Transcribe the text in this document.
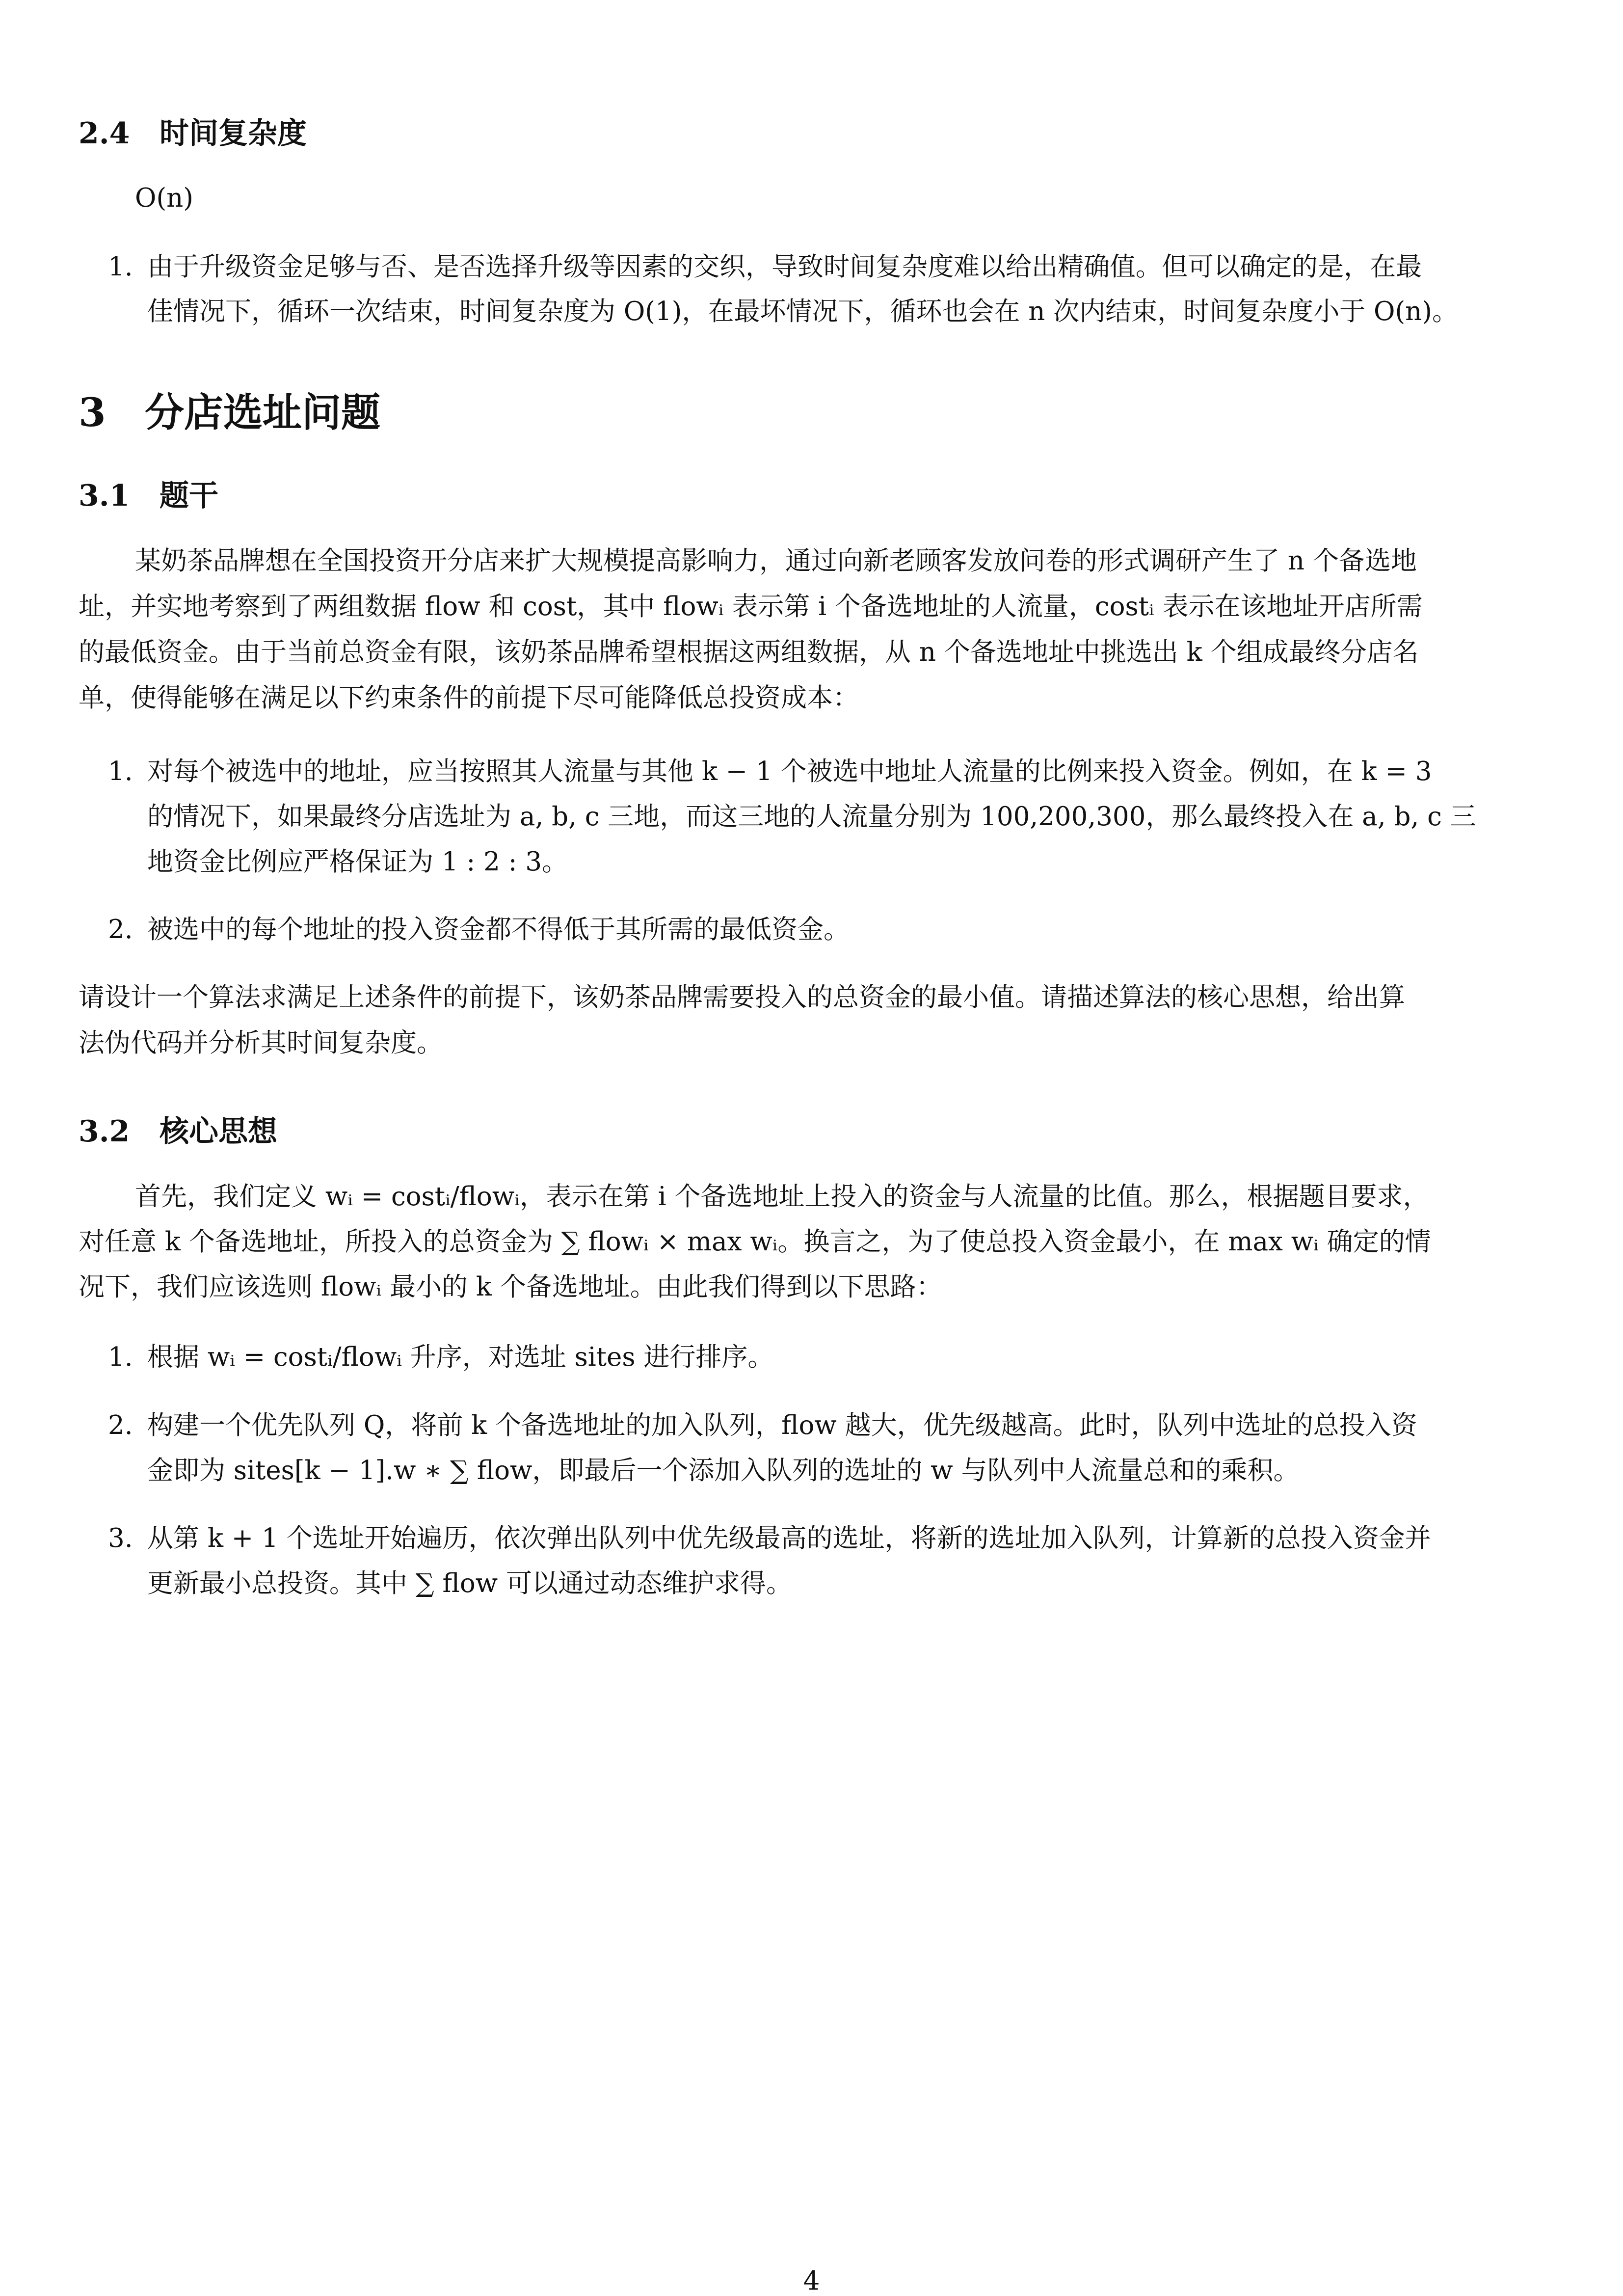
2.4 时间复杂度
O(n)
1. 由于升级资金足够与否、是否选择升级等因素的交织，导致时间复杂度难以给出精确值。但可以确定的是，在最
佳情况下，循环一次结束，时间复杂度为 O(1)，在最坏情况下，循环也会在 n 次内结束，时间复杂度小于 O(n)。
3 分店选址问题
3.1 题干
某奶茶品牌想在全国投资开分店来扩大规模提高影响力，通过向新老顾客发放问卷的形式调研产生了 n 个备选地
址，并实地考察到了两组数据 flow 和 cost，其中 flowᵢ 表示第 i 个备选地址的人流量，costᵢ 表示在该地址开店所需
的最低资金。由于当前总资金有限，该奶茶品牌希望根据这两组数据，从 n 个备选地址中挑选出 k 个组成最终分店名
单，使得能够在满足以下约束条件的前提下尽可能降低总投资成本：
1. 对每个被选中的地址，应当按照其人流量与其他 k − 1 个被选中地址人流量的比例来投入资金。例如，在 k = 3
的情况下，如果最终分店选址为 a, b, c 三地，而这三地的人流量分别为 100,200,300，那么最终投入在 a, b, c 三
地资金比例应严格保证为 1 : 2 : 3。
2. 被选中的每个地址的投入资金都不得低于其所需的最低资金。
请设计一个算法求满足上述条件的前提下，该奶茶品牌需要投入的总资金的最小值。请描述算法的核心思想，给出算
法伪代码并分析其时间复杂度。
3.2 核心思想
首先，我们定义 wᵢ = costᵢ/flowᵢ，表示在第 i 个备选地址上投入的资金与人流量的比值。那么，根据题目要求，
对任意 k 个备选地址，所投入的总资金为 ∑ flowᵢ × max wᵢ。换言之，为了使总投入资金最小，在 max wᵢ 确定的情
况下，我们应该选则 flowᵢ 最小的 k 个备选地址。由此我们得到以下思路：
1. 根据 wᵢ = costᵢ/flowᵢ 升序，对选址 sites 进行排序。
2. 构建一个优先队列 Q，将前 k 个备选地址的加入队列，flow 越大，优先级越高。此时，队列中选址的总投入资
金即为 sites[k − 1].w ∗ ∑ flow，即最后一个添加入队列的选址的 w 与队列中人流量总和的乘积。
3. 从第 k + 1 个选址开始遍历，依次弹出队列中优先级最高的选址，将新的选址加入队列，计算新的总投入资金并
更新最小总投资。其中 ∑ flow 可以通过动态维护求得。
4
